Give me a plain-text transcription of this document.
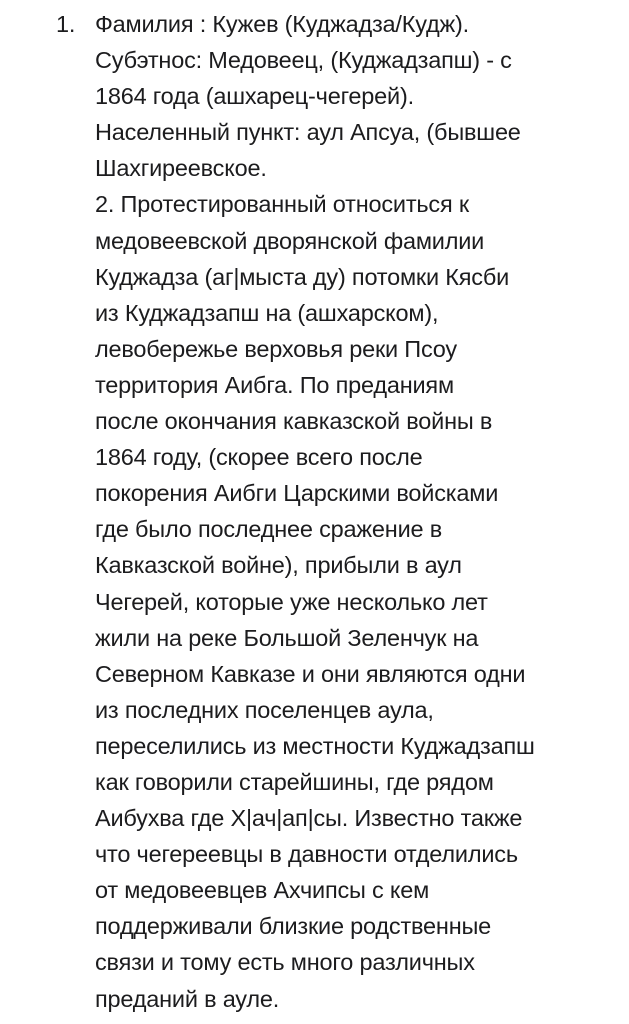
1. Фамилия : Кужев (Куджадза/Кудж).
Субэтнос: Медовеец, (Куджадзапш) - с
1864 года (ашхарец-чегерей).
Населенный пункт: аул Апсуа, (бывшее
Шахгиреевское.
2. Протестированный относиться к
медовеевской дворянской фамилии
Куджадза (аг|мыста ду) потомки Кясби
из Куджадзапш на (ашхарском),
левобережье верховья реки Псоу
территория Аибга. По преданиям
после окончания кавказской войны в
1864 году, (скорее всего после
покорения Аибги Царскими войсками
где было последнее сражение в
Кавказской войне), прибыли в аул
Чегерей, которые уже несколько лет
жили на реке Большой Зеленчук на
Северном Кавказе и они являются одни
из последних поселенцев аула,
переселились из местности Куджадзапш
как говорили старейшины, где рядом
Аибухва где Х|ач|ап|сы. Известно также
что чегереевцы в давности отделились
от медовеевцев Ахчипсы с кем
поддерживали близкие родственные
связи и тому есть много различных
преданий в ауле.
